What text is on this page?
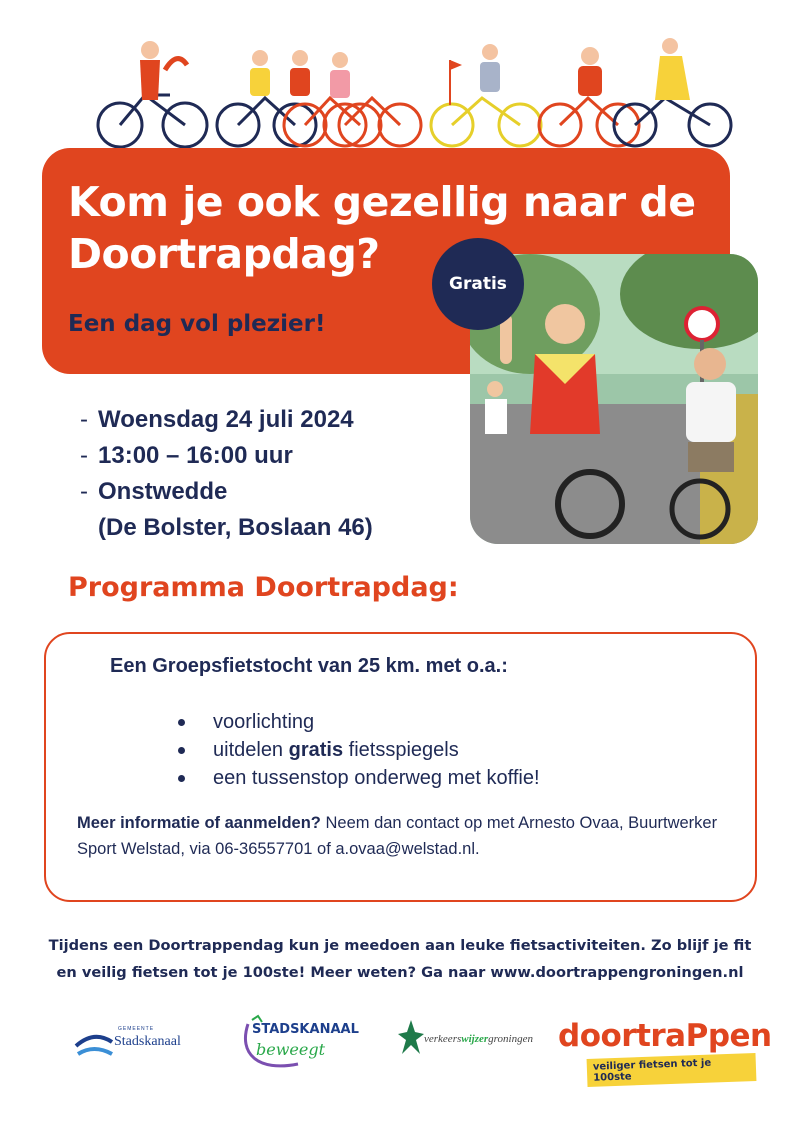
Kom je ook gezellig naar de Doortrapdag?
Een dag vol plezier!
Gratis
- Woensdag 24 juli 2024
- 13:00 – 16:00 uur
- Onstwedde
(De Bolster, Boslaan 46)
Programma Doortrapdag:
Een Groepsfietstocht van 25 km. met o.a.:
voorlichting
uitdelen gratis fietsspiegels
een tussenstop onderweg met koffie!
Meer informatie of aanmelden? Neem dan contact op met Arnesto Ovaa, Buurtwerker Sport Welstad, via 06-36557701 of a.ovaa@welstad.nl.
Tijdens een Doortrappendag kun je meedoen aan leuke fietsactiviteiten. Zo blijf je fit en veilig fietsen tot je 100ste! Meer weten? Ga naar www.doortrappengroningen.nl
GEMEENTE
Stadskanaal
STADSKANAAL
beweegt
verkeerswijzergroningen doortraPpen
veiliger fietsen tot je 100ste
